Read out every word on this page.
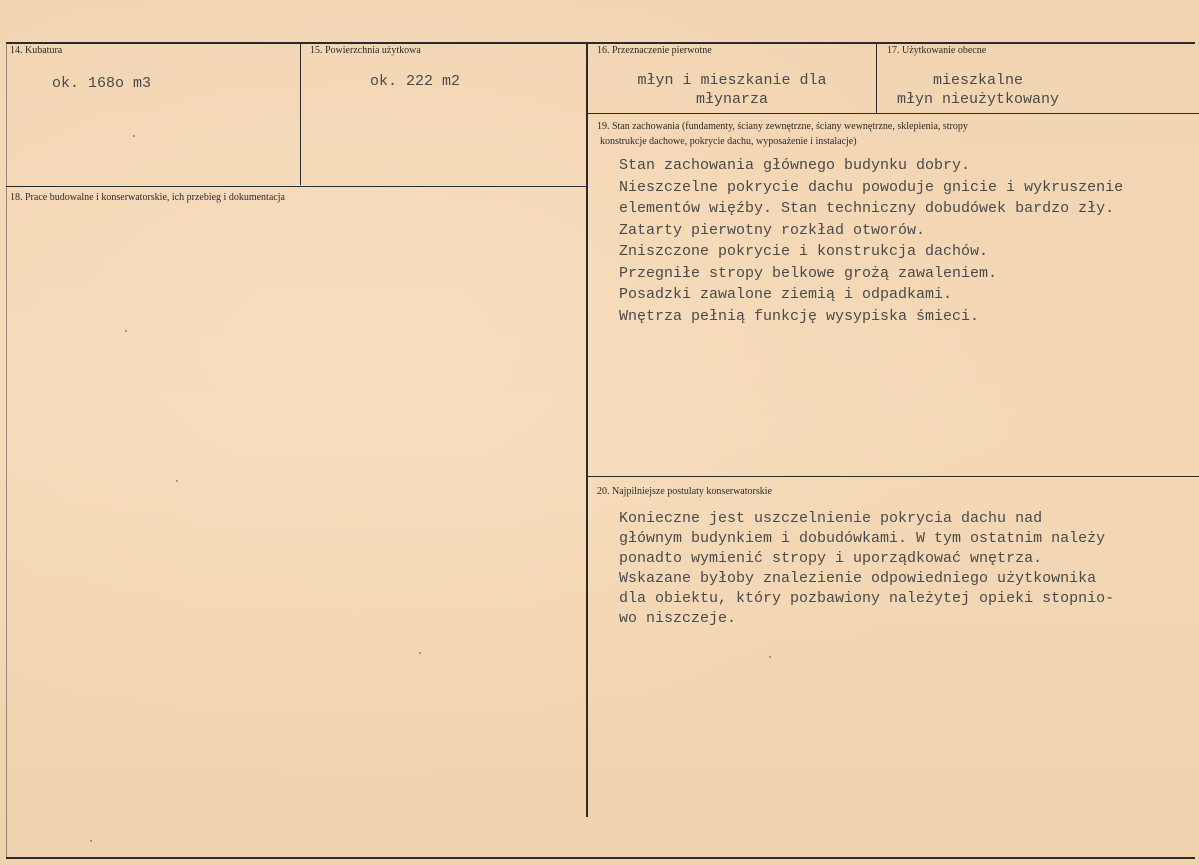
14. Kubatura
ok. 168o m3
15. Powierzchnia użytkowa
ok. 222 m2
16. Przeznaczenie pierwotne
młyn i mieszkanie dla
młynarza
17. Użytkowanie obecne
mieszkalne
młyn nieużytkowany
18. Prace budowalne i konserwatorskie, ich przebieg i dokumentacja
19. Stan zachowania (fundamenty, ściany zewnętrzne, ściany wewnętrzne, sklepienia, stropy
konstrukcje dachowe, pokrycie dachu, wyposażenie i instalacje)
Stan zachowania głównego budynku dobry.
Nieszczelne pokrycie dachu powoduje gnicie i wykruszenie
elementów więźby. Stan techniczny dobudówek bardzo zły.
Zatarty pierwotny rozkład otworów.
Zniszczone pokrycie i konstrukcja dachów.
Przegniłe stropy belkowe grożą zawaleniem.
Posadzki zawalone ziemią i odpadkami.
Wnętrza pełnią funkcję wysypiska śmieci.
20. Najpilniejsze postulaty konserwatorskie
Konieczne jest uszczelnienie pokrycia dachu nad
głównym budynkiem i dobudówkami. W tym ostatnim należy
ponadto wymienić stropy i uporządkować wnętrza.
Wskazane byłoby znalezienie odpowiedniego użytkownika
dla obiektu, który pozbawiony należytej opieki stopnio-
wo niszczeje.
